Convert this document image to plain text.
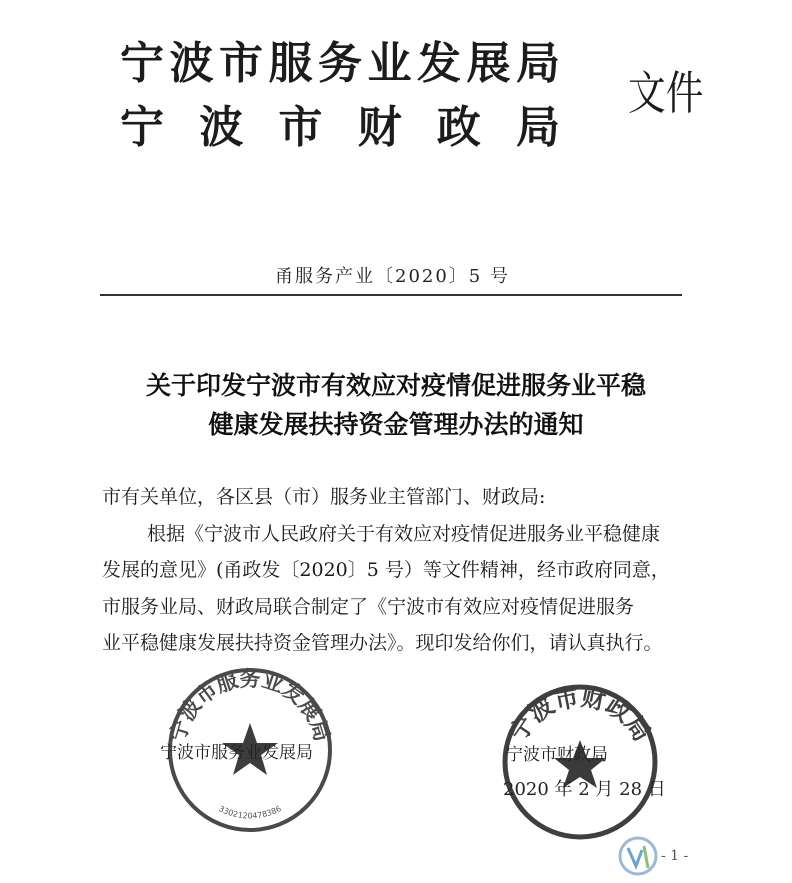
宁 波 市 服 务 业 发 展 局
宁 波 市 财 政 局
文件
甬服务产业〔2020〕5 号
关于印发宁波市有效应对疫情促进服务业平稳
健康发展扶持资金管理办法的通知
市有关单位，各区县（市）服务业主管部门、财政局:
根据《宁波市人民政府关于有效应对疫情促进服务业平稳健康
发展的意见》(甬政发〔2020〕5 号）等文件精神，经市政府同意，
市服务业局、财政局联合制定了《宁波市有效应对疫情促进服务
业平稳健康发展扶持资金管理办法》。现印发给你们，请认真执行。
宁波市服务业发展局
3302120478386
宁波市财政局
宁波市服务业发展局	宁波市财政局
2020 年 2 月 28 日
- 1 -
